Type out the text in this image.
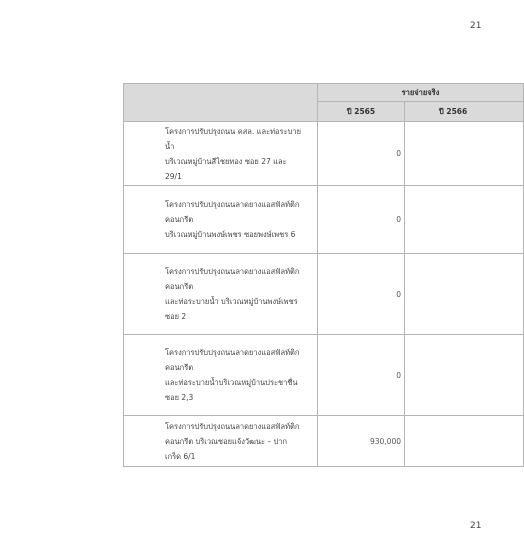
21
	รายจ่ายจริง	
	ปี 2565	ปี 2566

โครงการปรับปรุงถนน คสล. และท่อระบาย
น้ำ
บริเวณหมู่บ้านสีไชยทอง ซอย 27 และ
29/1	0	

โครงการปรับปรุงถนนลาดยางแอสฟัลท์ติก
คอนกรีต
บริเวณหมู่บ้านพงษ์เพชร ซอยพงษ์เพชร 6	0	

โครงการปรับปรุงถนนลาดยางแอสฟัลท์ติก
คอนกรีต
และท่อระบายน้ำ บริเวณหมู่บ้านพงษ์เพชร
ซอย 2	0	

โครงการปรับปรุงถนนลาดยางแอสฟัลท์ติก
คอนกรีต
และท่อระบายน้ำบริเวณหมู่บ้านประชาชื่น
ซอย 2,3	0	

โครงการปรับปรุงถนนลาดยางแอสฟัลท์ติก
คอนกรีต บริเวณซอยแจ้งวัฒนะ – ปาก
เกร็ด 6/1	930,000	
21
